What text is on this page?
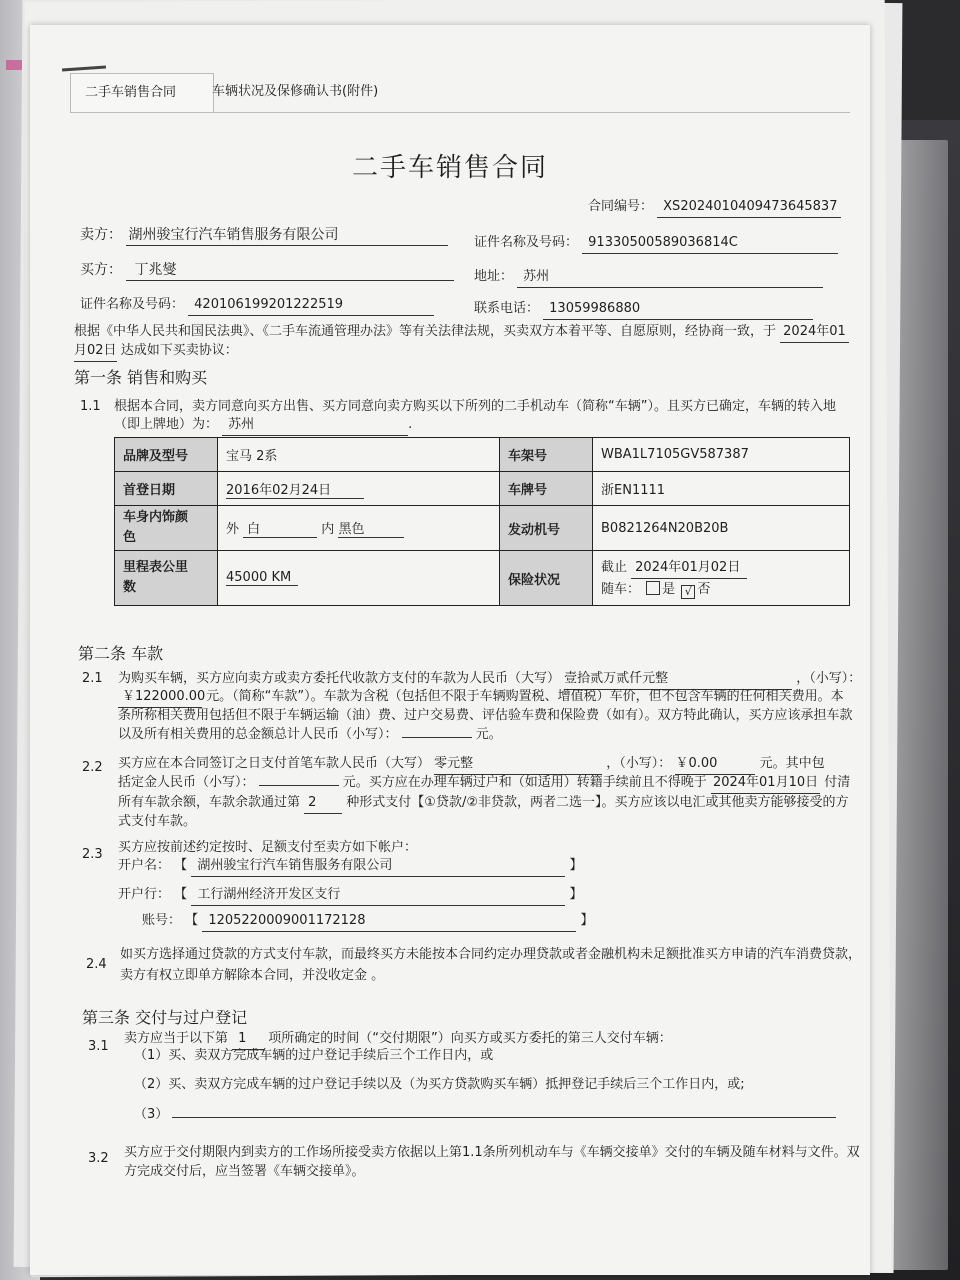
二手车销售合同	车辆状况及保修确认书(附件)
二手车销售合同
合同编号： XS2024010409473645837
卖方： 湖州骏宝行汽车销售服务有限公司	证件名称及号码： 91330500589036814C
买方： 丁兆燮	地址： 苏州
证件名称及号码： 420106199201222519	联系电话： 13059986880
根据《中华人民共和国民法典》、《二手车流通管理办法》等有关法律法规，买卖双方本着平等、自愿原则，经协商一致，于 2024年01
月02日 达成如下买卖协议：
第一条 销售和购买
1.1 根据本合同，卖方同意向买方出售、买方同意向卖方购买以下所列的二手机动车（简称“车辆”）。且买方已确定，车辆的转入地
（即上牌地）为： 苏州	.
品牌及型号	宝马 2系	车架号	WBA1L7105GV587387
首登日期	2016年02月24日	车牌号	浙EN1111
车身内饰颜
色	外 白 内 黑色	发动机号	B0821264N20B20B
里程表公里
数	45000 KM	保险状况	截止 2024年01月02日
随车： 是 √ 否
第二条 车款
2.1 为购买车辆，买方应向卖方或卖方委托代收款方支付的车款为人民币（大写） 壹拾贰万贰仟元整	，（小写）：
￥122000.00 元。（简称“车款”）。车款为含税（包括但不限于车辆购置税、增值税）车价，但不包含车辆的任何相关费用。本
条所称相关费用包括但不限于车辆运输（油）费、过户交易费、评估验车费和保险费（如有）。双方特此确认，买方应该承担车款
以及所有相关费用的总金额总计人民币（小写）：	元。
2.2 买方应在本合同签订之日支付首笔车款人民币（大写） 零元整	，（小写）： ￥0.00	元。其中包
括定金人民币（小写）：	元。买方应在办理车辆过户和（如适用）转籍手续前且不得晚于 2024年01月10日 付清
所有车款余额，车款余款通过第 2 种形式支付【①贷款/②非贷款，两者二选一】。买方应该以电汇或其他卖方能够接受的方
式支付车款。
2.3 买方应按前述约定按时、足额支付至卖方如下帐户：
开户名： 【 湖州骏宝行汽车销售服务有限公司	】
开户行： 【 工行湖州经济开发区支行	】
账号： 【 1205220009001172128	】
2.4
如买方选择通过贷款的方式支付车款，而最终买方未能按本合同约定办理贷款或者金融机构未足额批准买方申请的汽车消费贷款，
卖方有权立即单方解除本合同，并没收定金 。
第三条 交付与过户登记
3.1
卖方应当于以下第 1 项所确定的时间（“交付期限”）向买方或买方委托的第三人交付车辆：
（1）买、卖双方完成车辆的过户登记手续后三个工作日内，或
（2）买、卖双方完成车辆的过户登记手续以及（为买方贷款购买车辆）抵押登记手续后三个工作日内，或;
（3）
3.2 买方应于交付期限内到卖方的工作场所接受卖方依据以上第1.1条所列机动车与《车辆交接单》交付的车辆及随车材料与文件。双
方完成交付后，应当签署《车辆交接单》。
